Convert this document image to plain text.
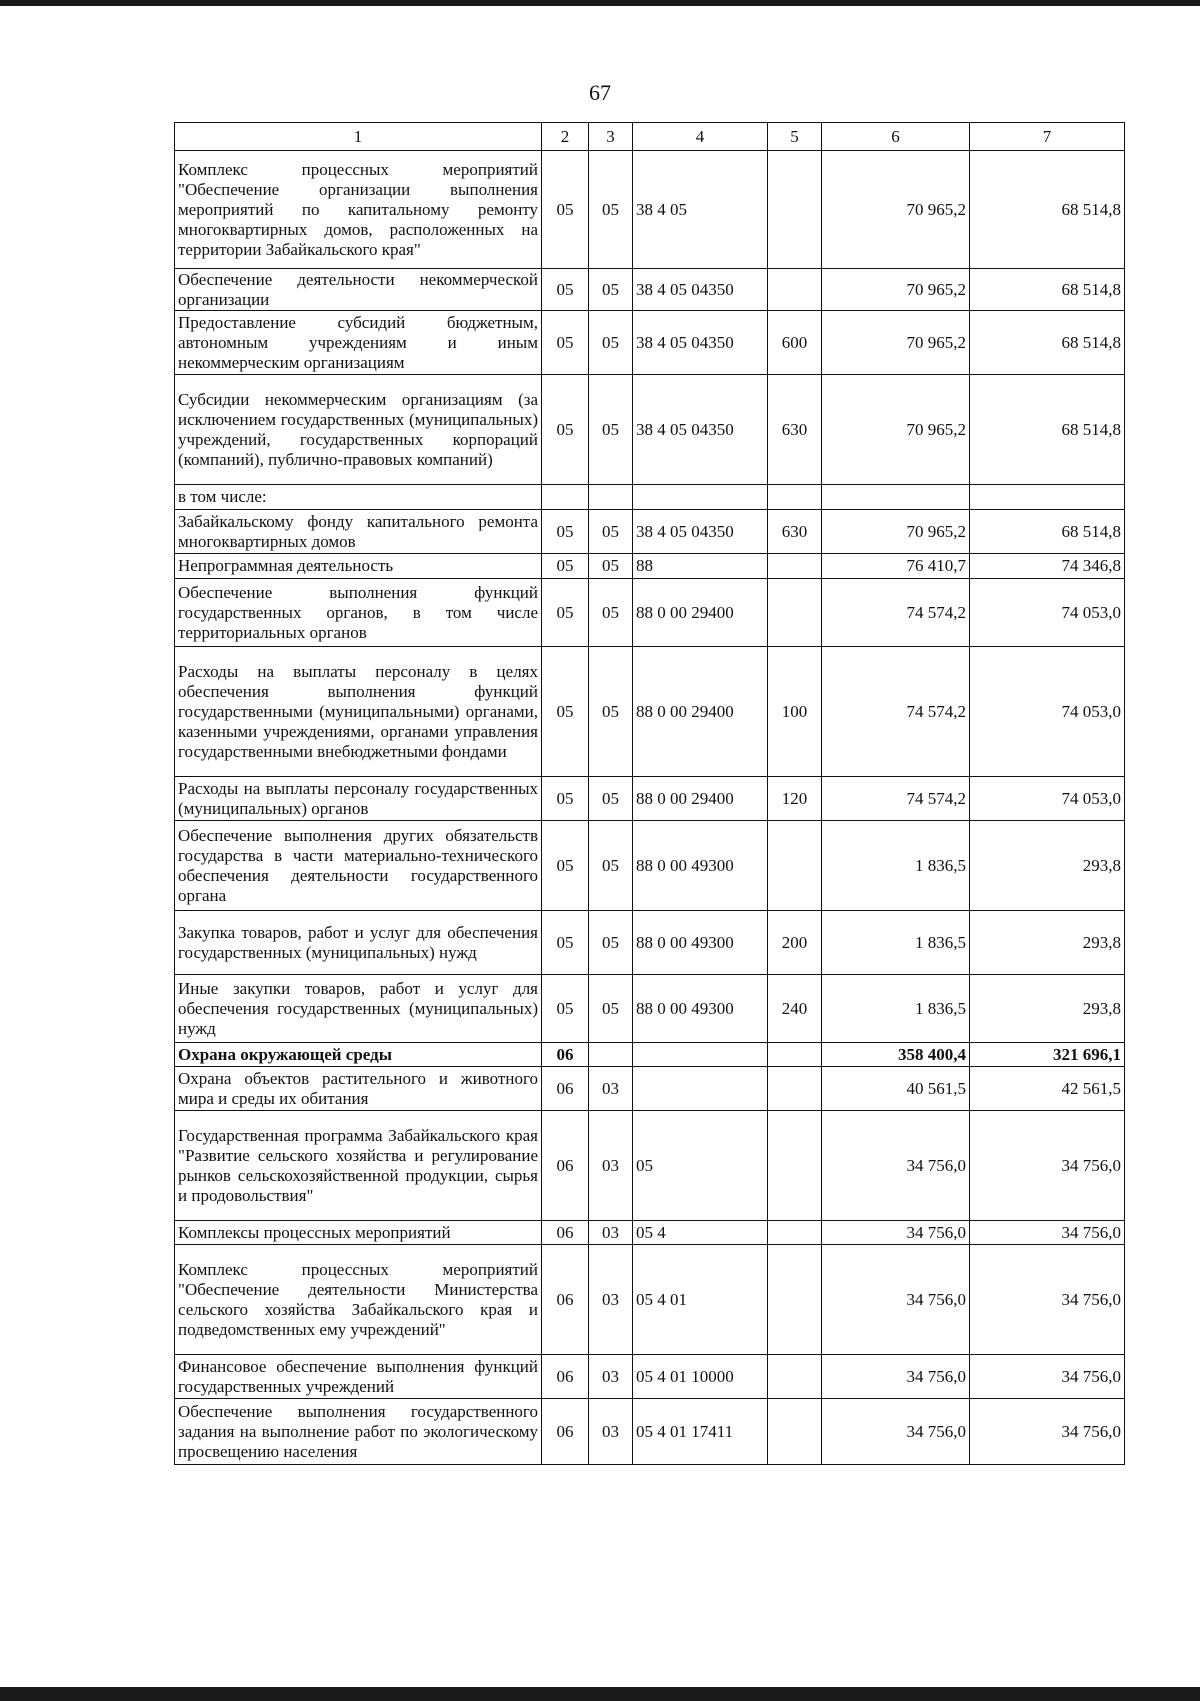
67
1	2	3	4	5	6	7
Комплекс процессных мероприятий "Обеспечение организации выполнения мероприятий по капитальному ремонту многоквартирных домов, расположенных на территории Забайкальского края"	05	05	38 4 05		70 965,2	68 514,8
Обеспечение деятельности некоммерческой организации	05	05	38 4 05 04350		70 965,2	68 514,8
Предоставление субсидий бюджетным, автономным учреждениям и иным некоммерческим организациям	05	05	38 4 05 04350	600	70 965,2	68 514,8
Субсидии некоммерческим организациям (за исключением государственных (муниципальных) учреждений, государственных корпораций (компаний), публично-правовых компаний)	05	05	38 4 05 04350	630	70 965,2	68 514,8
в том числе:						
Забайкальскому фонду капитального ремонта многоквартирных домов	05	05	38 4 05 04350	630	70 965,2	68 514,8
Непрограммная деятельность	05	05	88		76 410,7	74 346,8
Обеспечение выполнения функций государственных органов, в том числе территориальных органов	05	05	88 0 00 29400		74 574,2	74 053,0
Расходы на выплаты персоналу в целях обеспечения выполнения функций государственными (муниципальными) органами, казенными учреждениями, органами управления государственными внебюджетными фондами	05	05	88 0 00 29400	100	74 574,2	74 053,0
Расходы на выплаты персоналу государственных (муниципальных) органов	05	05	88 0 00 29400	120	74 574,2	74 053,0
Обеспечение выполнения других обязательств государства в части материально-технического обеспечения деятельности государственного органа	05	05	88 0 00 49300		1 836,5	293,8
Закупка товаров, работ и услуг для обеспечения государственных (муниципальных) нужд	05	05	88 0 00 49300	200	1 836,5	293,8
Иные закупки товаров, работ и услуг для обеспечения государственных (муниципальных) нужд	05	05	88 0 00 49300	240	1 836,5	293,8
Охрана окружающей среды	06				358 400,4	321 696,1
Охрана объектов растительного и животного мира и среды их обитания	06	03			40 561,5	42 561,5
Государственная программа Забайкальского края "Развитие сельского хозяйства и регулирование рынков сельскохозяйственной продукции, сырья и продовольствия"	06	03	05		34 756,0	34 756,0
Комплексы процессных мероприятий	06	03	05 4		34 756,0	34 756,0
Комплекс процессных мероприятий "Обеспечение деятельности Министерства сельского хозяйства Забайкальского края и подведомственных ему учреждений"	06	03	05 4 01		34 756,0	34 756,0
Финансовое обеспечение выполнения функций государственных учреждений	06	03	05 4 01 10000		34 756,0	34 756,0
Обеспечение выполнения государственного задания на выполнение работ по экологическому просвещению населения	06	03	05 4 01 17411		34 756,0	34 756,0
